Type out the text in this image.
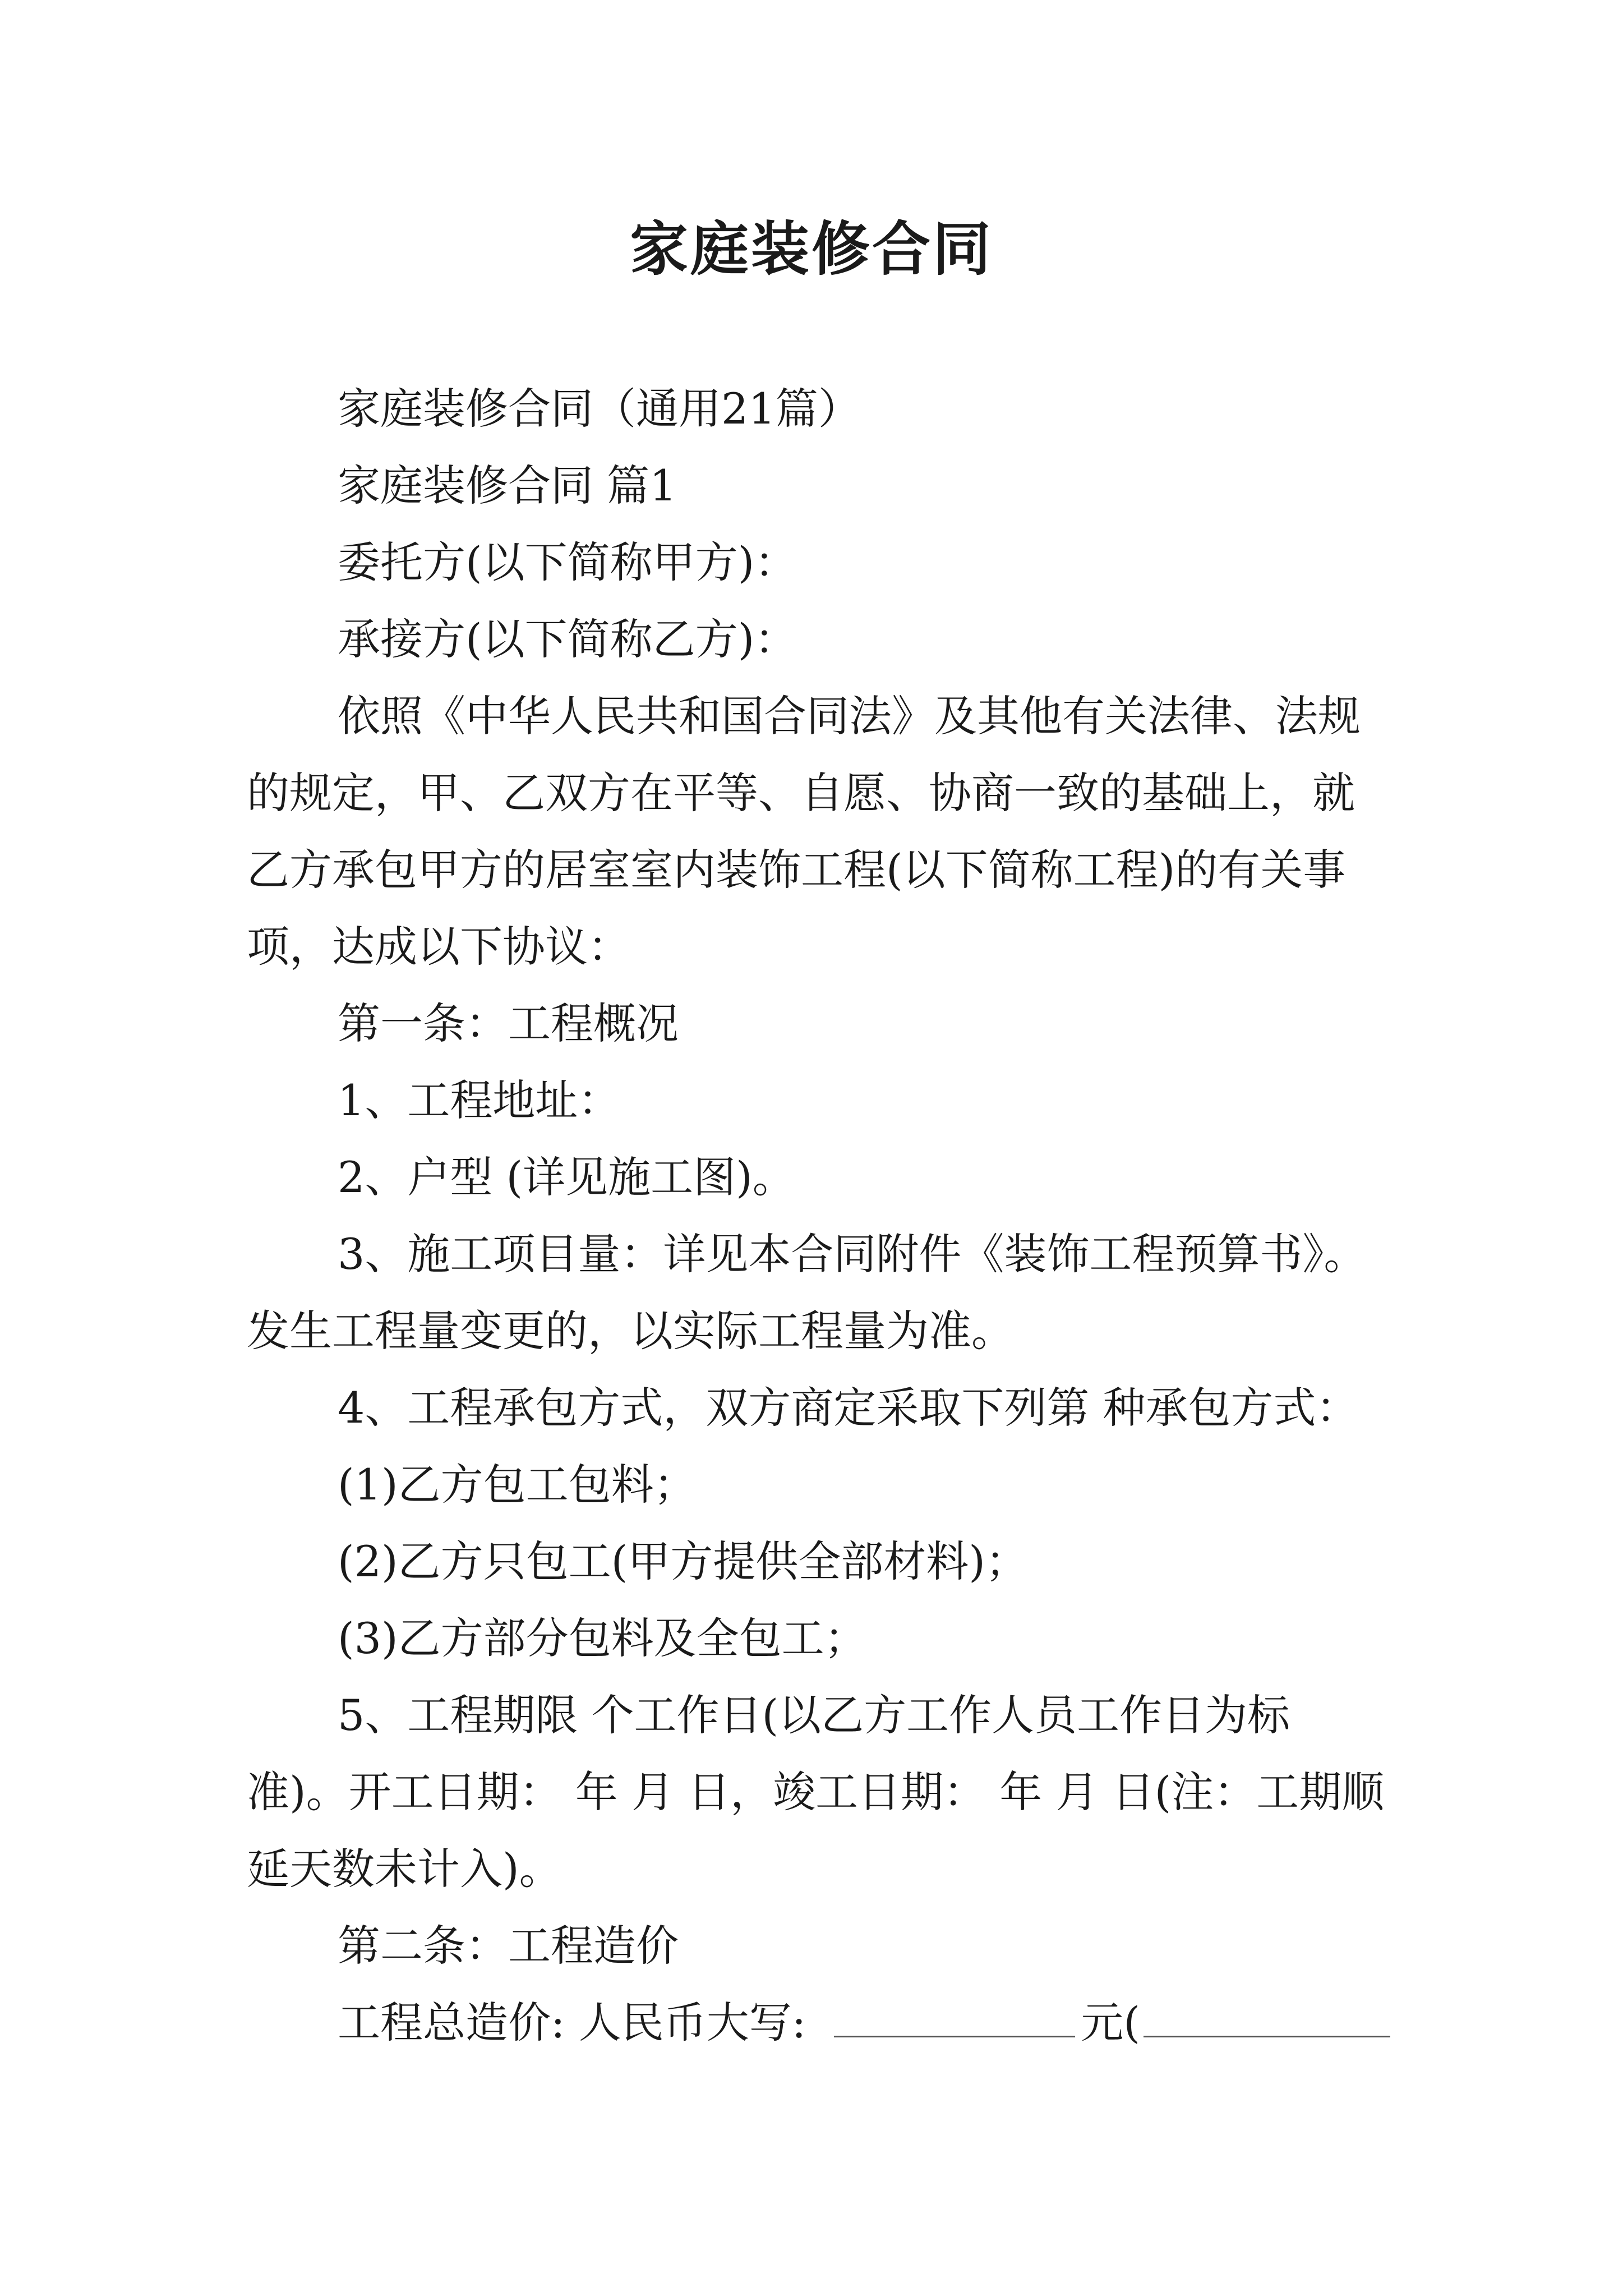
家庭装修合同

家庭装修合同（通用21篇）

家庭装修合同 篇1

委托方(以下简称甲方)：

承接方(以下简称乙方)：

依照《中华人民共和国合同法》及其他有关法律、法规的规定，甲、乙双方在平等、自愿、协商一致的基础上，就乙方承包甲方的居室室内装饰工程(以下简称工程)的有关事项，达成以下协议：

第一条：工程概况

1、工程地址：

2、户型 (详见施工图)。

3、施工项目量：详见本合同附件《装饰工程预算书》。发生工程量变更的，以实际工程量为准。

4、工程承包方式，双方商定采取下列第 种承包方式：

(1)乙方包工包料；

(2)乙方只包工(甲方提供全部材料)；

(3)乙方部分包料及全包工；

5、工程期限 个工作日(以乙方工作人员工作日为标准)。开工日期： 年 月 日，竣工日期： 年 月 日(注：工期顺延天数未计入)。

第二条：工程造价

工程总造价: 人民币大写:	元(
